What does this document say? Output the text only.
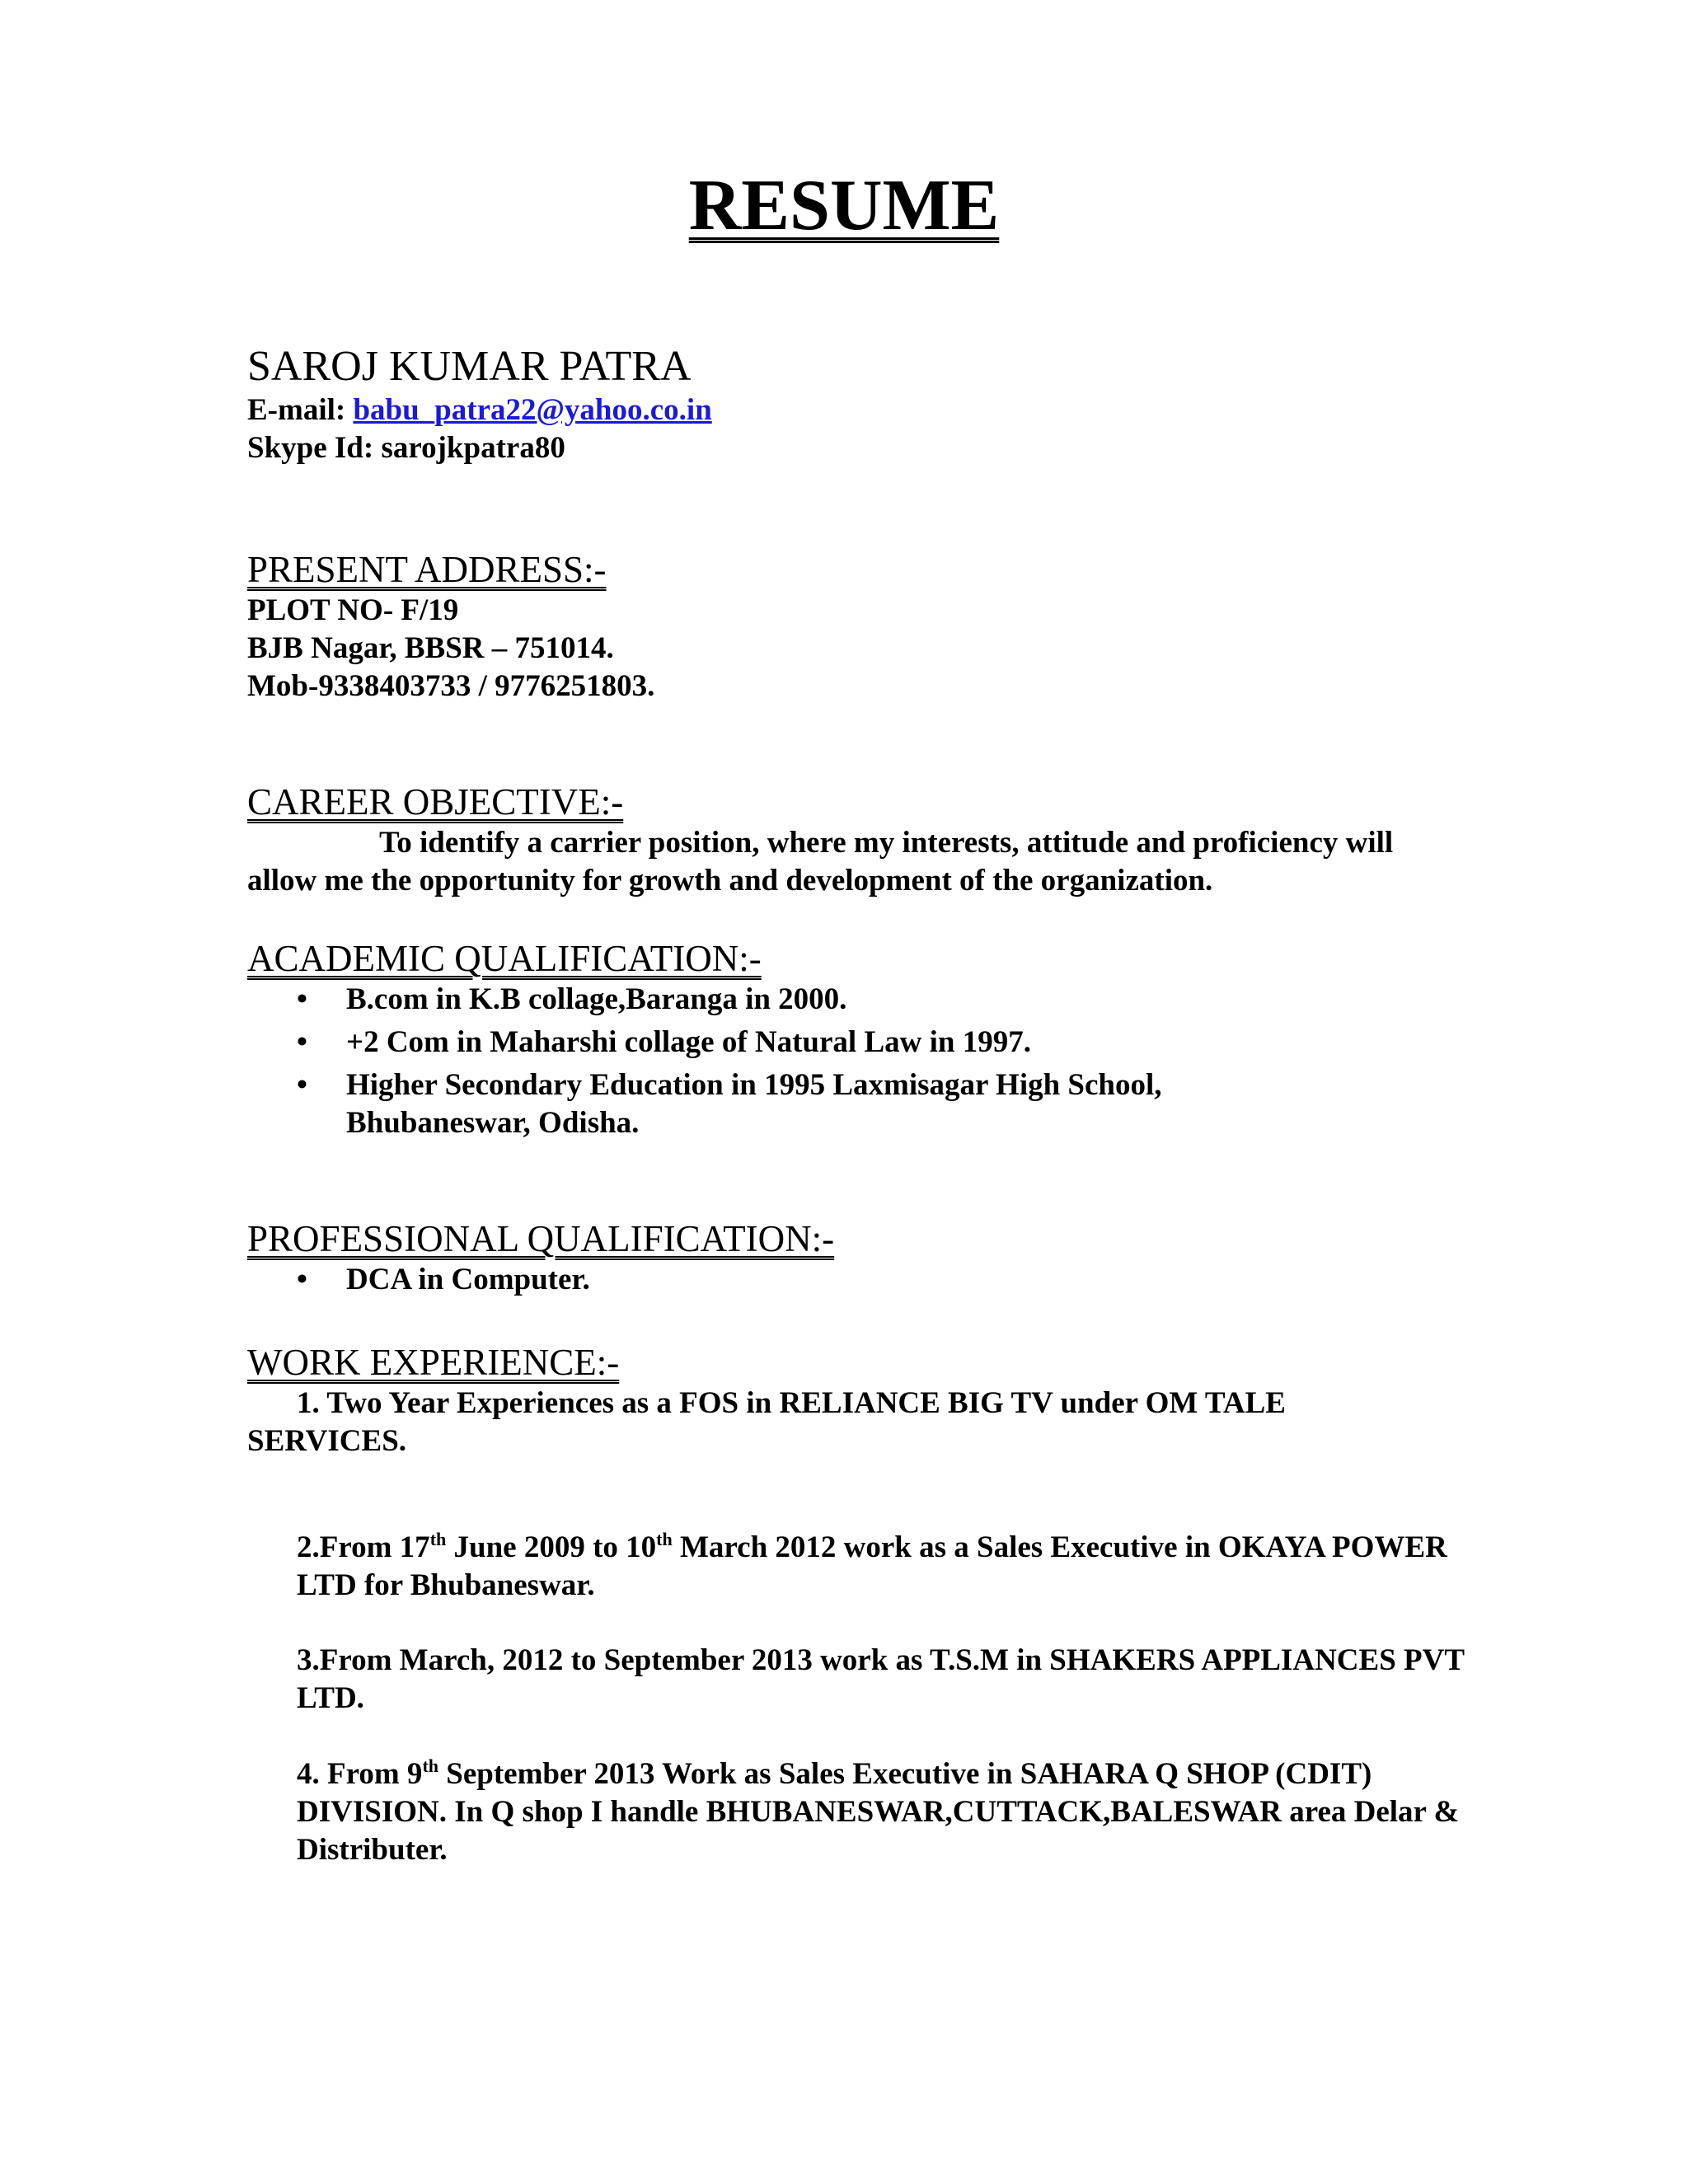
RESUME
SAROJ KUMAR PATRA
E-mail: babu_patra22@yahoo.co.in
Skype Id: sarojkpatra80
PRESENT ADDRESS:-
PLOT NO- F/19
BJB Nagar, BBSR – 751014.
Mob-9338403733 / 9776251803.
CAREER OBJECTIVE:-
To identify a carrier position, where my interests, attitude and proficiency will allow me the opportunity for growth and development of the organization.
ACADEMIC QUALIFICATION:-
• B.com in K.B collage,Baranga in 2000.
• +2 Com in Maharshi collage of Natural Law in 1997.
• Higher Secondary Education in 1995 Laxmisagar High School, Bhubaneswar, Odisha.
PROFESSIONAL QUALIFICATION:-
• DCA in Computer.
WORK EXPERIENCE:-
1. Two Year Experiences as a FOS in RELIANCE BIG TV under OM TALE SERVICES.
2.From 17th June 2009 to 10th March 2012 work as a Sales Executive in OKAYA POWER LTD for Bhubaneswar.
3.From March, 2012 to September 2013 work as T.S.M in SHAKERS APPLIANCES PVT LTD.
4. From 9th September 2013 Work as Sales Executive in SAHARA Q SHOP (CDIT) DIVISION. In Q shop I handle BHUBANESWAR,CUTTACK,BALESWAR area Delar & Distributer.
